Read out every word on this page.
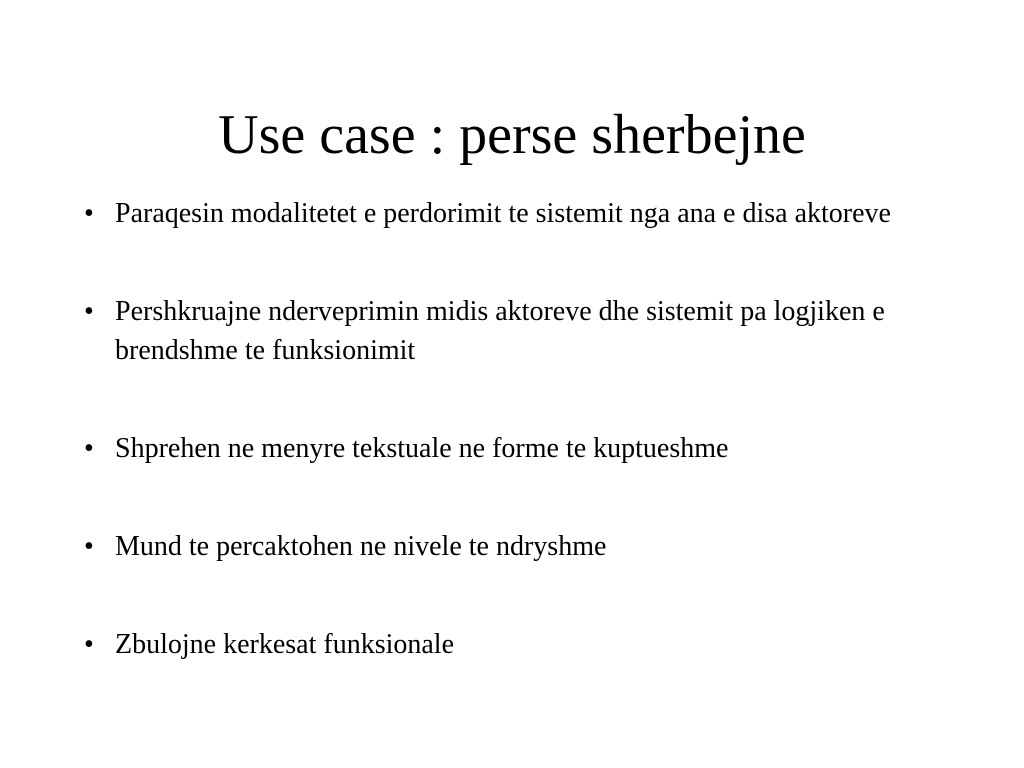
Use case : perse sherbejne
• Paraqesin modalitetet e perdorimit te sistemit nga ana e disa aktoreve
• Pershkruajne nderveprimin midis aktoreve dhe sistemit pa logjiken e brendshme te funksionimit
• Shprehen ne menyre tekstuale ne forme te kuptueshme
• Mund te percaktohen ne nivele te ndryshme
• Zbulojne kerkesat funksionale
